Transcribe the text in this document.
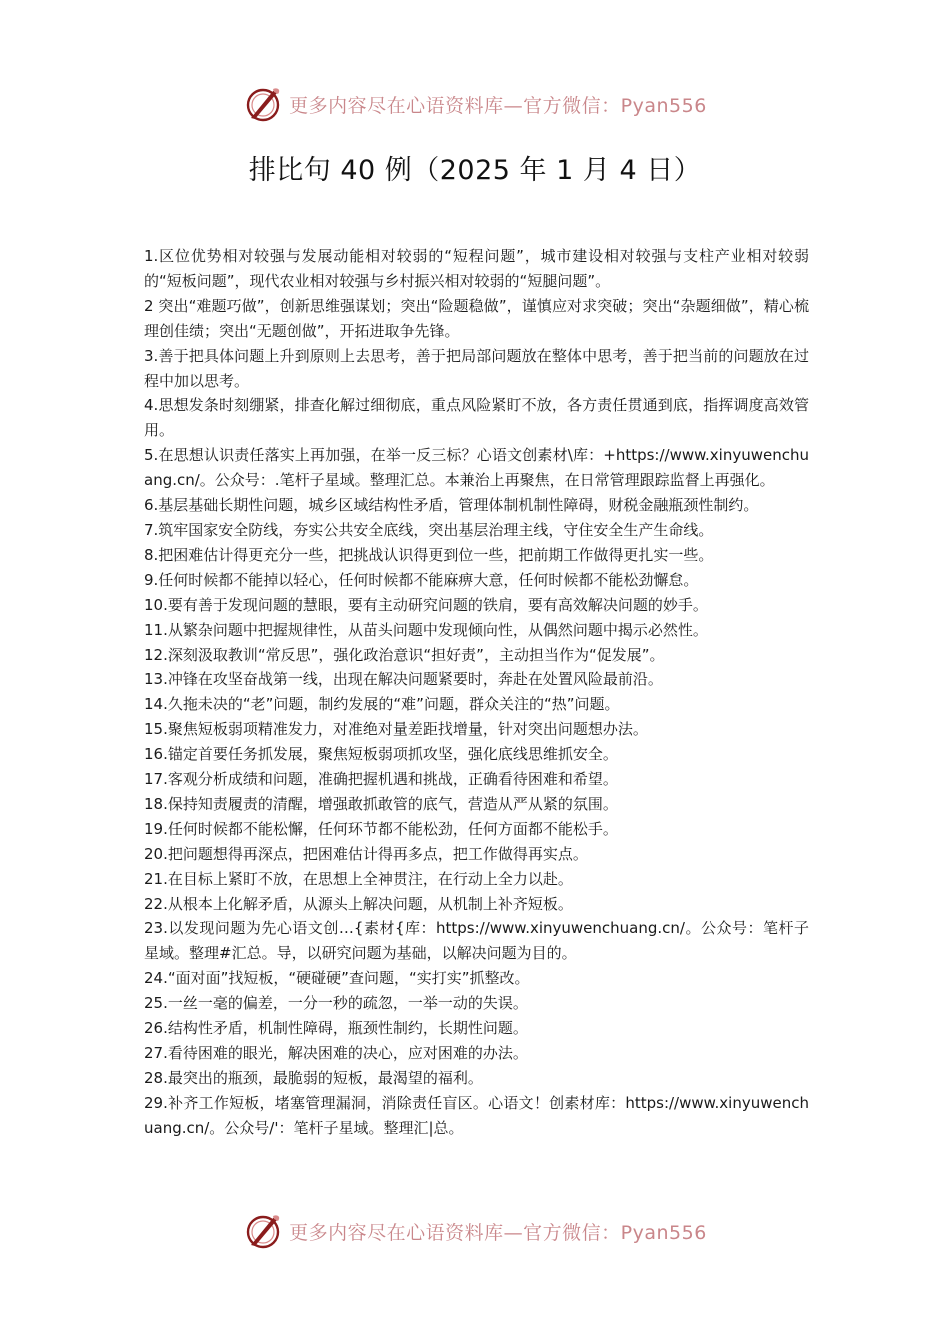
更多内容尽在心语资料库—官方微信：Pyan556
排比句 40 例（2025 年 1 月 4 日）

1.区位优势相对较强与发展动能相对较弱的“短程问题”，城市建设相对较强与支柱产业相对较弱的“短板问题”，现代农业相对较强与乡村振兴相对较弱的“短腿问题”。

2 突出“难题巧做”，创新思维强谋划；突出“险题稳做”，谨慎应对求突破；突出“杂题细做”，精心梳理创佳绩；突出“无题创做”，开拓进取争先锋。

3.善于把具体问题上升到原则上去思考，善于把局部问题放在整体中思考，善于把当前的问题放在过程中加以思考。

4.思想发条时刻绷紧，排查化解过细彻底，重点风险紧盯不放，各方责任贯通到底，指挥调度高效管用。

5.在思想认识责任落实上再加强，在举一反三标？心语文创素材\库：+https://www.xinyuwenchuang.cn/。公众号：.笔杆子星域。整理汇总。本兼治上再聚焦，在日常管理跟踪监督上再强化。

6.基层基础长期性问题，城乡区域结构性矛盾，管理体制机制性障碍，财税金融瓶颈性制约。

7.筑牢国家安全防线，夯实公共安全底线，突出基层治理主线，守住安全生产生命线。

8.把困难估计得更充分一些，把挑战认识得更到位一些，把前期工作做得更扎实一些。

9.任何时候都不能掉以轻心，任何时候都不能麻痹大意，任何时候都不能松劲懈怠。

10.要有善于发现问题的慧眼，要有主动研究问题的铁肩，要有高效解决问题的妙手。

11.从繁杂问题中把握规律性，从苗头问题中发现倾向性，从偶然问题中揭示必然性。

12.深刻汲取教训“常反思”，强化政治意识“担好责”，主动担当作为“促发展”。

13.冲锋在攻坚奋战第一线，出现在解决问题紧要时，奔赴在处置风险最前沿。

14.久拖未决的“老”问题，制约发展的“难”问题，群众关注的“热”问题。

15.聚焦短板弱项精准发力，对准绝对量差距找增量，针对突出问题想办法。

16.锚定首要任务抓发展，聚焦短板弱项抓攻坚，强化底线思维抓安全。

17.客观分析成绩和问题，准确把握机遇和挑战，正确看待困难和希望。

18.保持知责履责的清醒，增强敢抓敢管的底气，营造从严从紧的氛围。

19.任何时候都不能松懈，任何环节都不能松劲，任何方面都不能松手。

20.把问题想得再深点，把困难估计得再多点，把工作做得再实点。

21.在目标上紧盯不放，在思想上全神贯注，在行动上全力以赴。

22.从根本上化解矛盾，从源头上解决问题，从机制上补齐短板。

23.以发现问题为先心语文创…{素材{库：https://www.xinyuwenchuang.cn/。公众号：笔杆子星域。整理#汇总。导，以研究问题为基础，以解决问题为目的。

24.“面对面”找短板，“硬碰硬”查问题，“实打实”抓整改。

25.一丝一毫的偏差，一分一秒的疏忽，一举一动的失误。

26.结构性矛盾，机制性障碍，瓶颈性制约，长期性问题。

27.看待困难的眼光，解决困难的决心，应对困难的办法。

28.最突出的瓶颈，最脆弱的短板，最渴望的福利。

29.补齐工作短板，堵塞管理漏洞，消除责任盲区。心语文！创素材库：https://www.xinyuwenchuang.cn/。公众号/'：笔杆子星域。整理汇|总。

更多内容尽在心语资料库—官方微信：Pyan556
